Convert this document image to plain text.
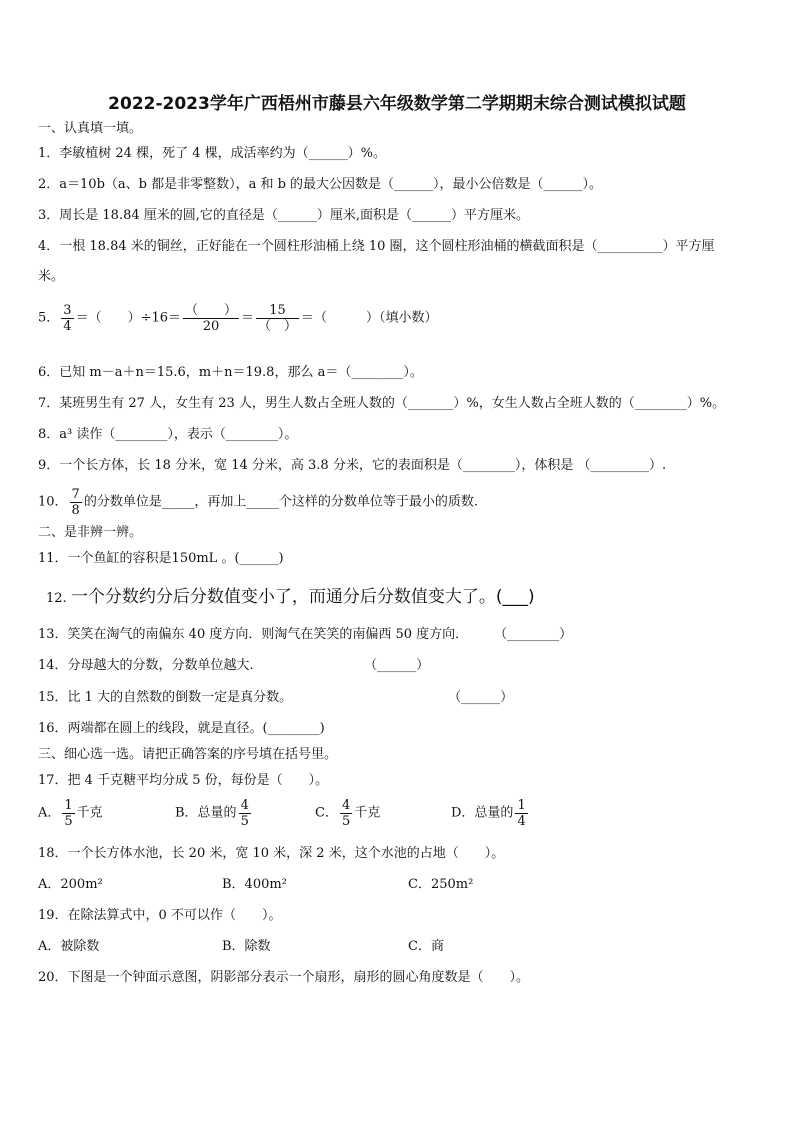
2022-2023学年广西梧州市藤县六年级数学第二学期期末综合测试模拟试题
一、认真填一填。
1．李敏植树 24 棵，死了 4 棵，成活率约为（______）%。
2．a＝10b（a、b 都是非零整数），a 和 b 的最大公因数是（______），最小公倍数是（______）。
3．周长是 18.84 厘米的圆,它的直径是（______）厘米,面积是（______）平方厘米。
4．一根 18.84 米的铜丝，正好能在一个圆柱形油桶上绕 10 圈，这个圆柱形油桶的横截面积是（__________）平方厘
米。
5． $\frac{3}{4}$ ＝（　　）$\div 16= \frac{( )}{20} = \frac{15}{( )}$ ＝（　　　）（填小数）
6．已知 m－a＋n＝15.6，m＋n＝19.8，那么 a＝（________）。
7．某班男生有 27 人，女生有 23 人，男生人数占全班人数的（_______）%，女生人数占全班人数的（________）%。
8．a³ 读作（________），表示（________）。
9．一个长方体，长 18 分米，宽 14 分米，高 3.8 分米，它的表面积是（________），体积是 （_________）.
10． $\frac{7}{8}$ 的分数单位是_____，再加上_____个这样的分数单位等于最小的质数.
二、是非辨一辨。
11．一个鱼缸的容积是150mL 。(______)
12. 一个分数约分后分数值变小了，而通分后分数值变大了。(___)
13．笑笑在淘气的南偏东 40 度方向．则淘气在笑笑的南偏西 50 度方向．　　　（________）
14．分母越大的分数，分数单位越大.　　　　　　　　　（______）
15．比 1 大的自然数的倒数一定是真分数。　　　　　　　　　　　　　（______）
16．两端都在圆上的线段，就是直径。(________)
三、细心选一选。请把正确答案的序号填在括号里。
17．把 4 千克糖平均分成 5 份，每份是（　　）。
A． $\frac{1}{5}$ 千克	B．总量的 $\frac{4}{5}$	C． $\frac{4}{5}$ 千克	D．总量的 $\frac{1}{4}$
18．一个长方体水池，长 20 米，宽 10 米，深 2 米，这个水池的占地（　　）。
A．200m²	B．400m²	C．250m²
19．在除法算式中，0 不可以作（　　）。
A．被除数	B．除数	C．商
20．下图是一个钟面示意图，阴影部分表示一个扇形，扇形的圆心角度数是（　　）。
